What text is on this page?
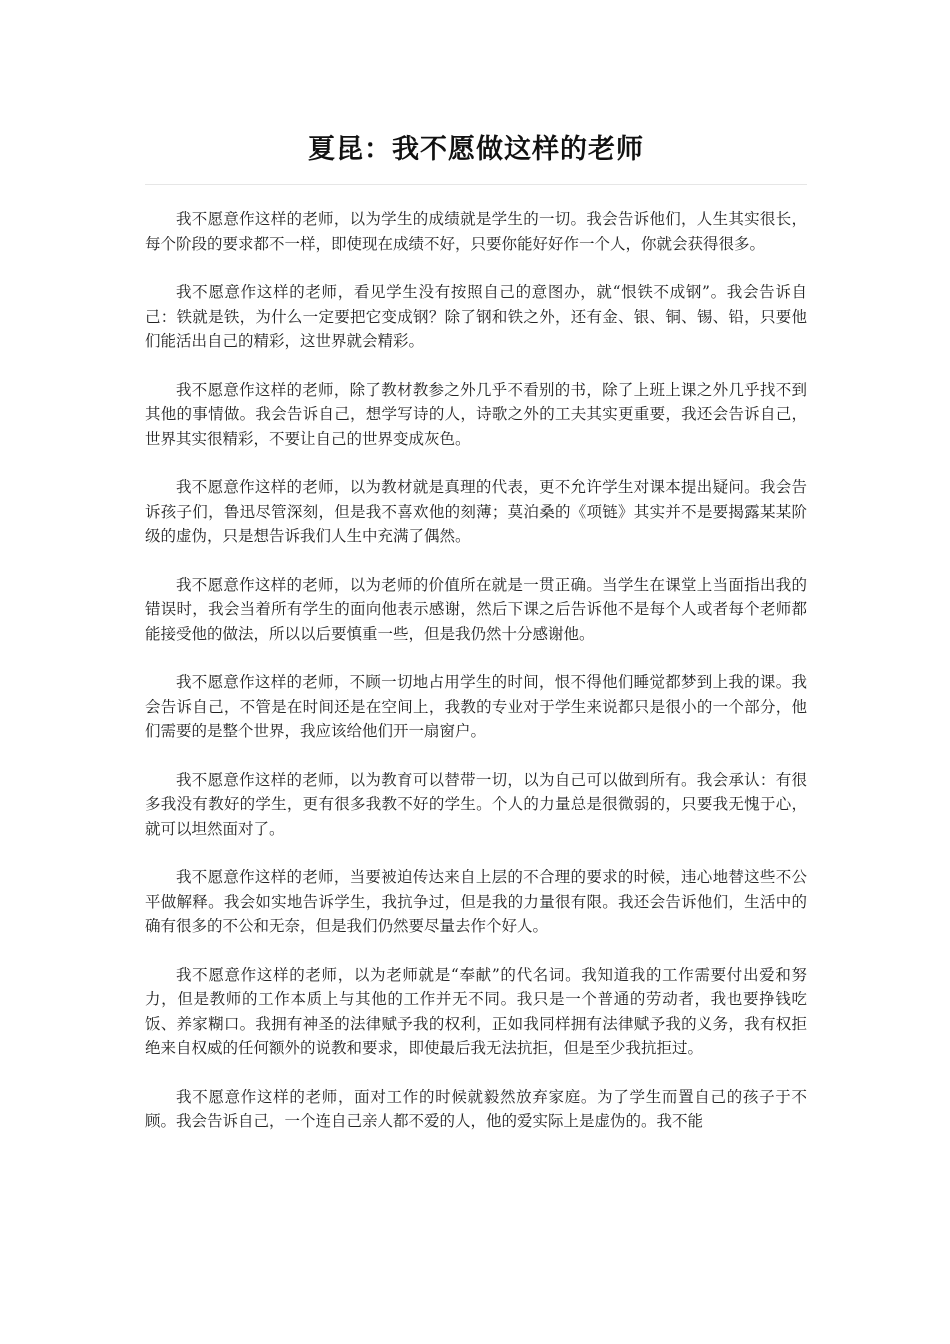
夏昆：我不愿做这样的老师

我不愿意作这样的老师，以为学生的成绩就是学生的一切。我会告诉他们，人生其实很长，每个阶段的要求都不一样，即使现在成绩不好，只要你能好好作一个人，你就会获得很多。

我不愿意作这样的老师，看见学生没有按照自己的意图办，就“恨铁不成钢”。我会告诉自己：铁就是铁，为什么一定要把它变成钢？除了钢和铁之外，还有金、银、铜、锡、铅，只要他们能活出自己的精彩，这世界就会精彩。

我不愿意作这样的老师，除了教材教参之外几乎不看别的书，除了上班上课之外几乎找不到其他的事情做。我会告诉自己，想学写诗的人，诗歌之外的工夫其实更重要，我还会告诉自己，世界其实很精彩，不要让自己的世界变成灰色。

我不愿意作这样的老师，以为教材就是真理的代表，更不允许学生对课本提出疑问。我会告诉孩子们，鲁迅尽管深刻，但是我不喜欢他的刻薄；莫泊桑的《项链》其实并不是要揭露某某阶级的虚伪，只是想告诉我们人生中充满了偶然。

我不愿意作这样的老师，以为老师的价值所在就是一贯正确。当学生在课堂上当面指出我的错误时，我会当着所有学生的面向他表示感谢，然后下课之后告诉他不是每个人或者每个老师都能接受他的做法，所以以后要慎重一些，但是我仍然十分感谢他。

我不愿意作这样的老师，不顾一切地占用学生的时间，恨不得他们睡觉都梦到上我的课。我会告诉自己，不管是在时间还是在空间上，我教的专业对于学生来说都只是很小的一个部分，他们需要的是整个世界，我应该给他们开一扇窗户。

我不愿意作这样的老师，以为教育可以替带一切，以为自己可以做到所有。我会承认：有很多我没有教好的学生，更有很多我教不好的学生。个人的力量总是很微弱的，只要我无愧于心，就可以坦然面对了。

我不愿意作这样的老师，当要被迫传达来自上层的不合理的要求的时候，违心地替这些不公平做解释。我会如实地告诉学生，我抗争过，但是我的力量很有限。我还会告诉他们，生活中的确有很多的不公和无奈，但是我们仍然要尽量去作个好人。

我不愿意作这样的老师，以为老师就是“奉献”的代名词。我知道我的工作需要付出爱和努力，但是教师的工作本质上与其他的工作并无不同。我只是一个普通的劳动者，我也要挣钱吃饭、养家糊口。我拥有神圣的法律赋予我的权利，正如我同样拥有法律赋予我的义务，我有权拒绝来自权威的任何额外的说教和要求，即使最后我无法抗拒，但是至少我抗拒过。

我不愿意作这样的老师，面对工作的时候就毅然放弃家庭。为了学生而置自己的孩子于不顾。我会告诉自己，一个连自己亲人都不爱的人，他的爱实际上是虚伪的。我不能
